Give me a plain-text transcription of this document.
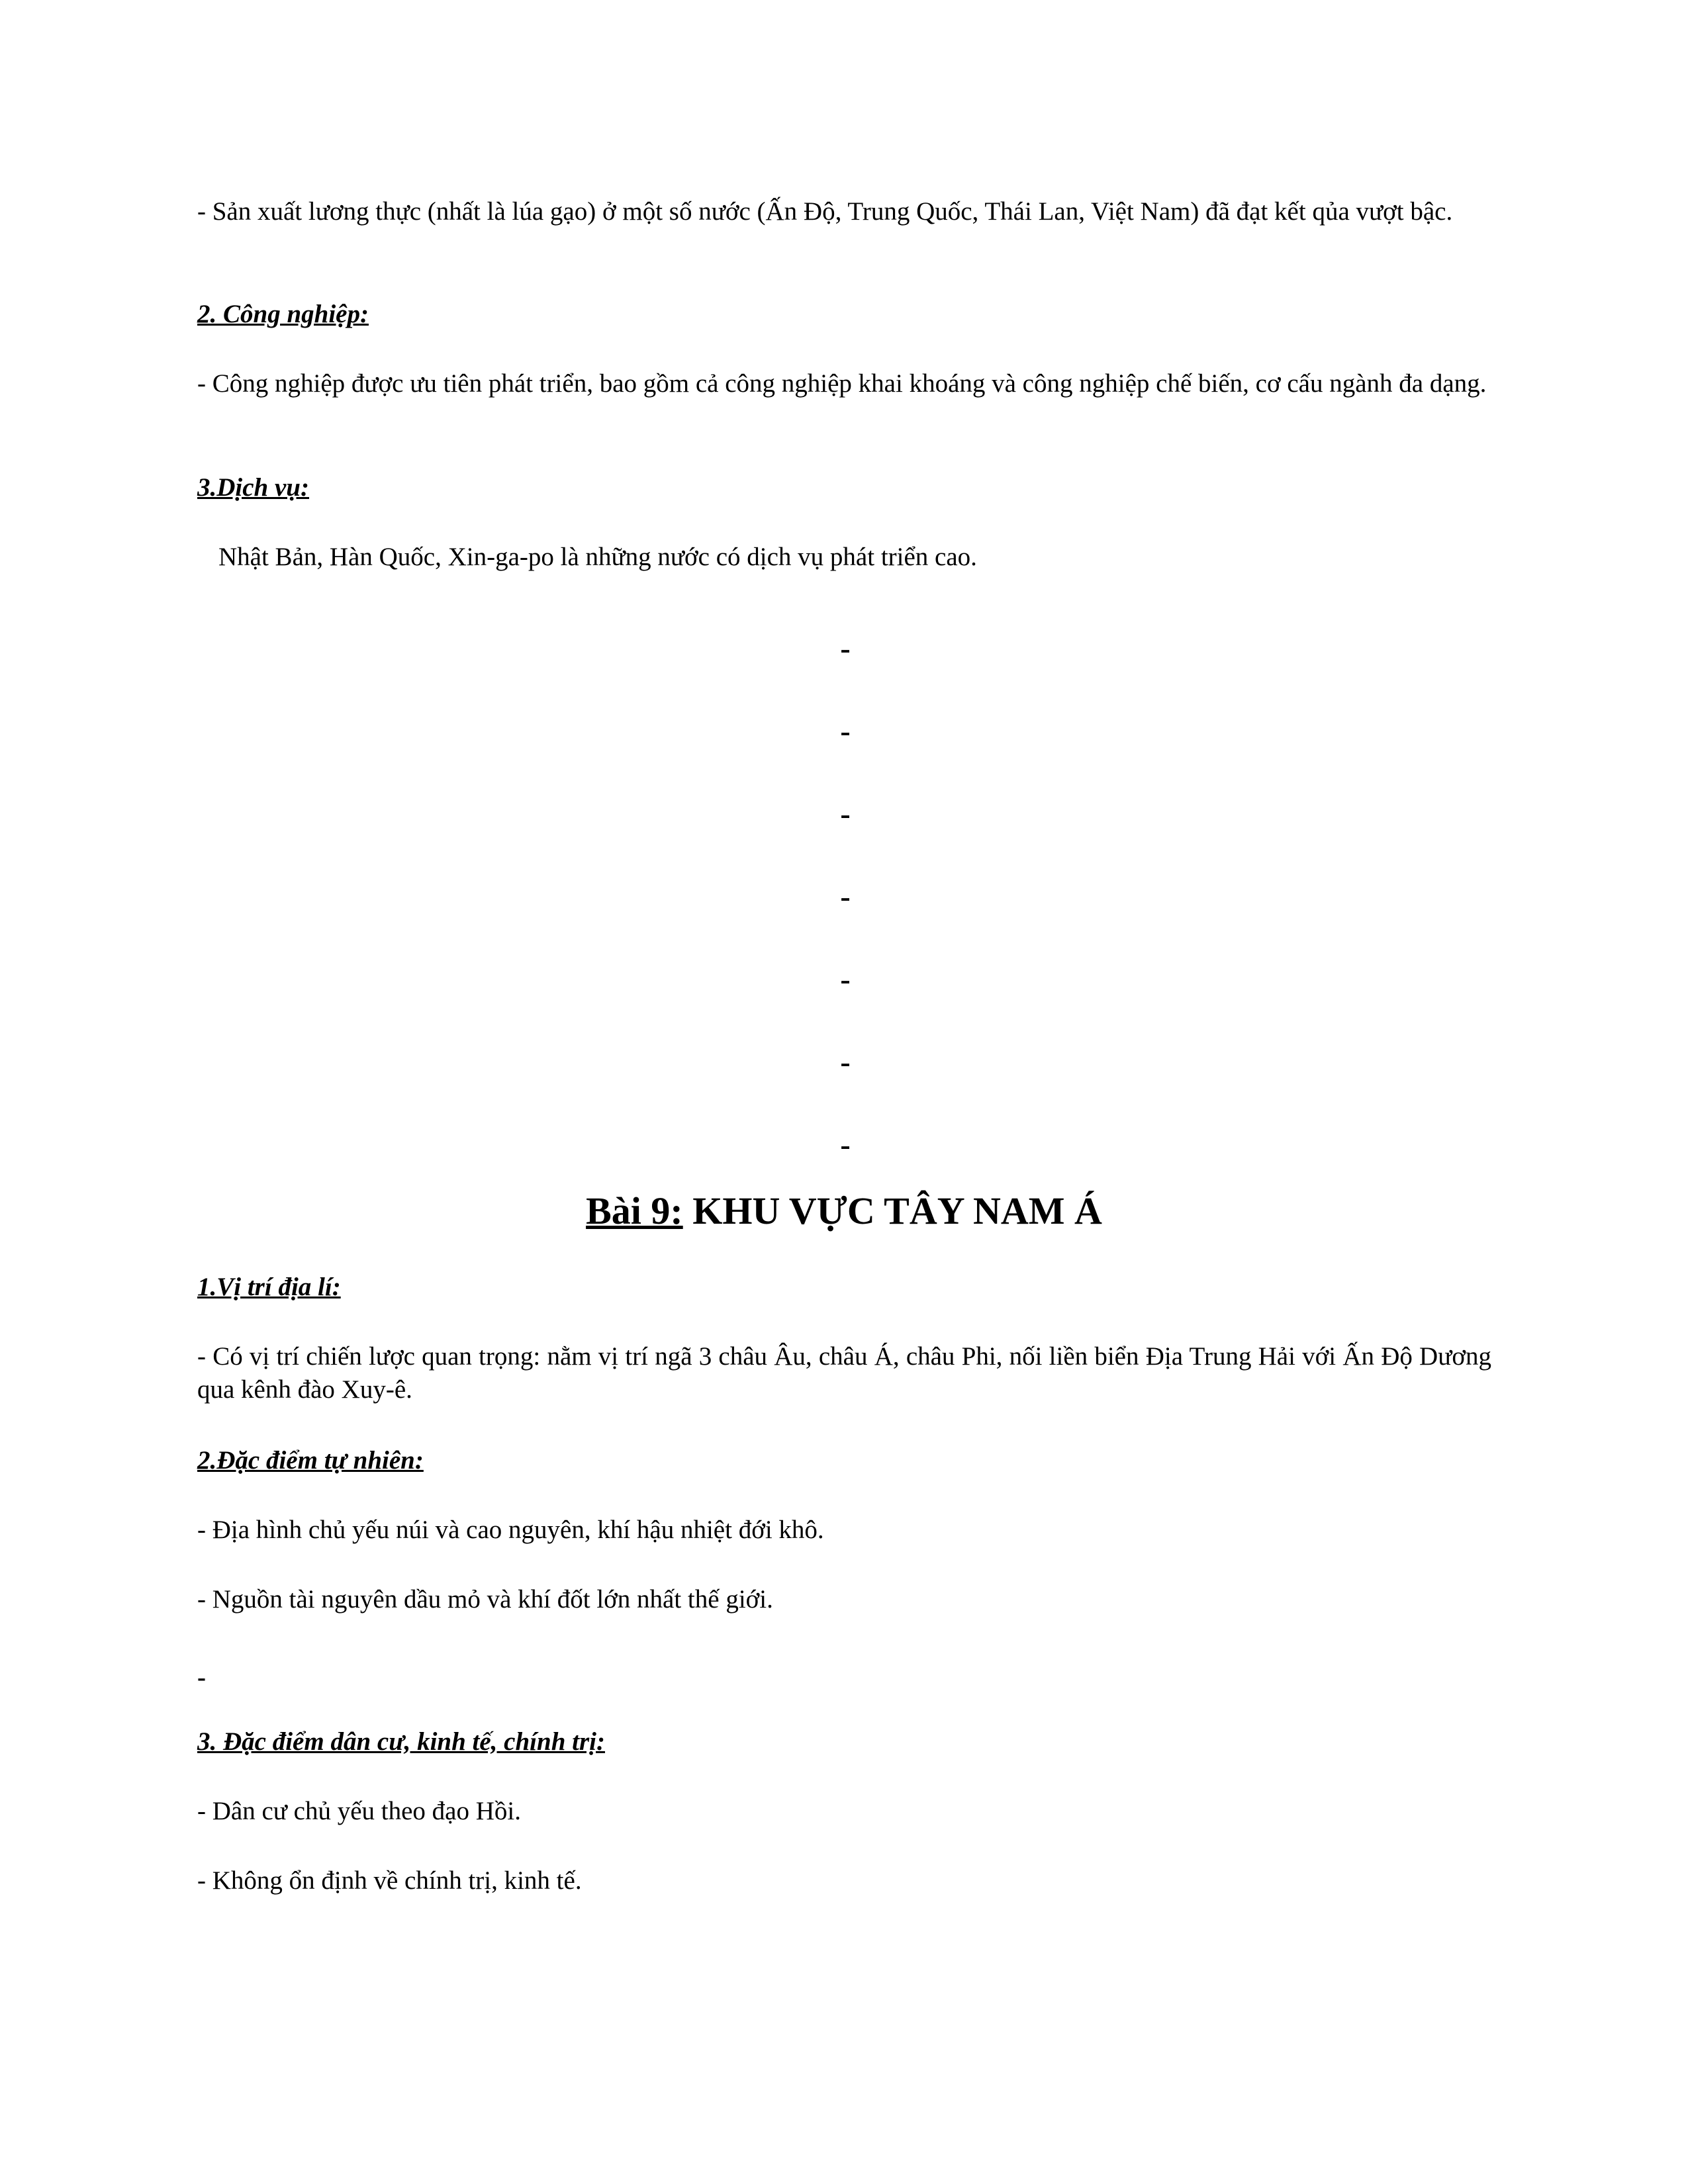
- Sản xuất lương thực (nhất là lúa gạo) ở một số nước (Ấn Độ, Trung Quốc, Thái Lan, Việt Nam) đã đạt kết qủa vượt bậc.

2. Công nghiệp:

- Công nghiệp được ưu tiên phát triển, bao gồm cả công nghiệp khai khoáng và công nghiệp chế biến, cơ cấu ngành đa dạng.

3.Dịch vụ:

Nhật Bản, Hàn Quốc, Xin-ga-po là những nước có dịch vụ phát triển cao.

-

-

-

-

-

-

-

Bài 9: KHU VỰC TÂY NAM Á

1.Vị trí địa lí:

- Có vị trí chiến lược quan trọng: nằm vị trí ngã 3 châu Âu, châu Á, châu Phi, nối liền biển Địa Trung Hải với Ấn Độ Dương qua kênh đào Xuy-ê.

2.Đặc điểm tự nhiên:

- Địa hình chủ yếu núi và cao nguyên, khí hậu nhiệt đới khô.

- Nguồn tài nguyên dầu mỏ và khí đốt lớn nhất thế giới.

-

3. Đặc điểm dân cư, kinh tế, chính trị:

- Dân cư chủ yếu theo đạo Hồi.

- Không ổn định về chính trị, kinh tế.
